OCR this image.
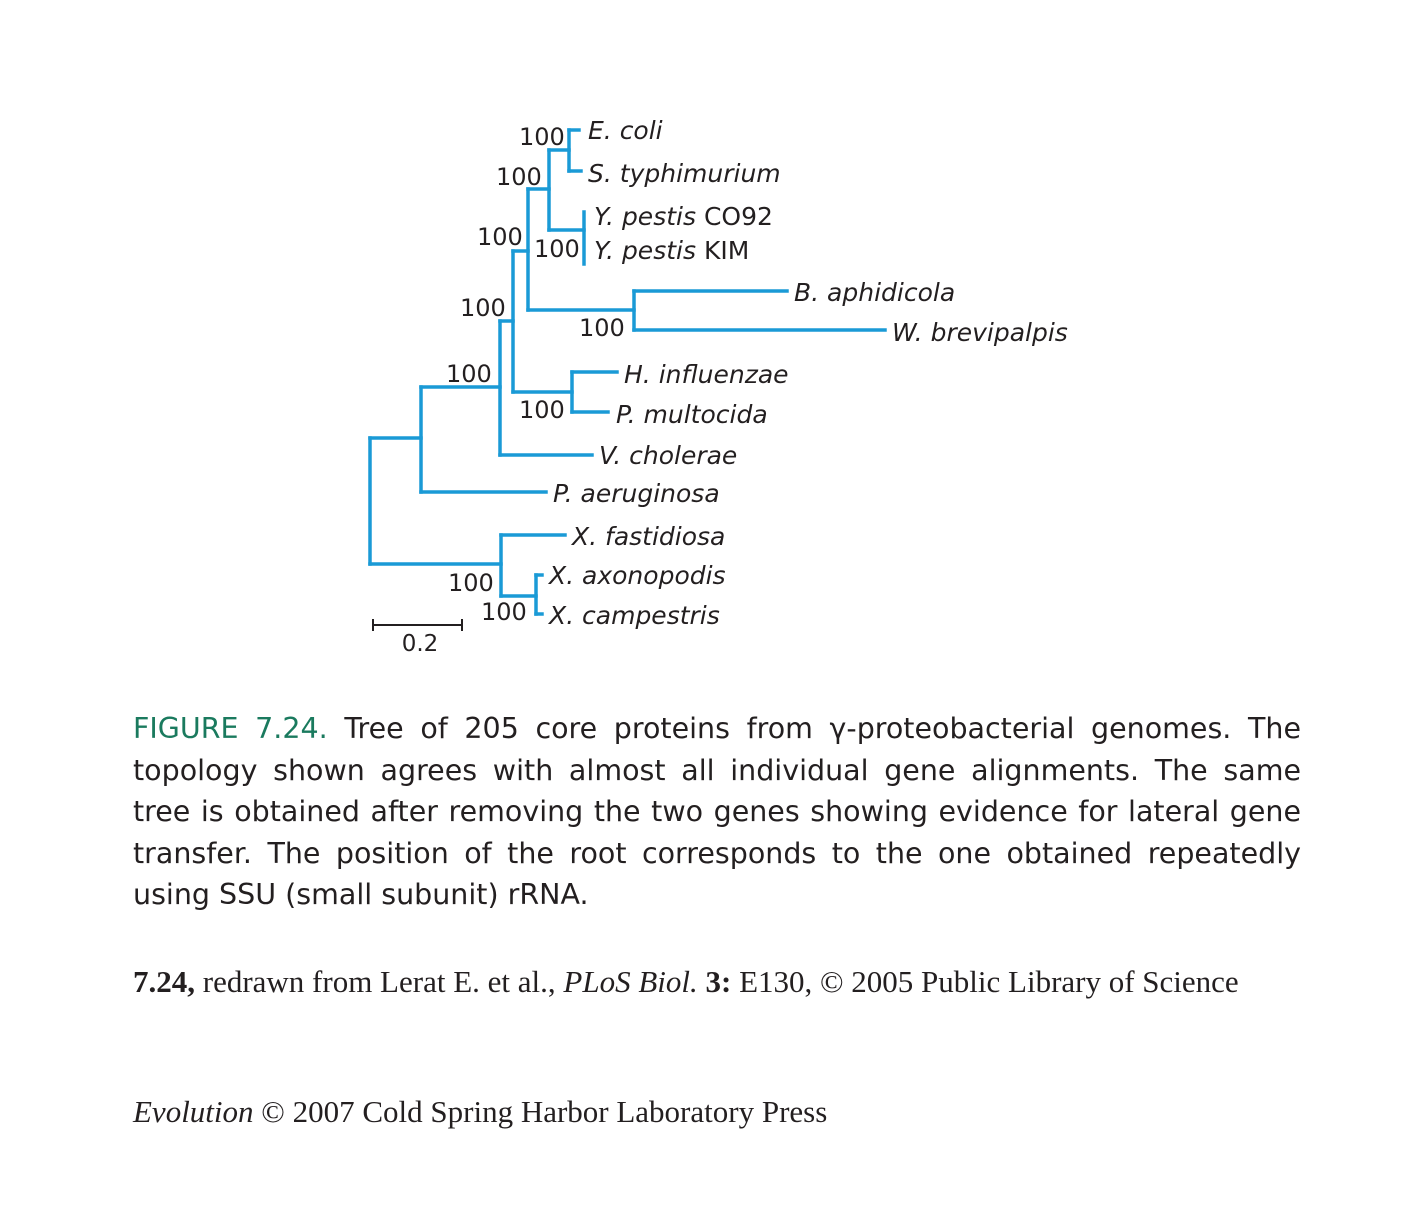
E. coli
S. typhimurium
Y. pestis CO92
Y. pestis KIM
B. aphidicola
W. brevipalpis
H. influenzae
P. multocida
V. cholerae
P. aeruginosa
X. fastidiosa
X. axonopodis
X. campestris
100
100
100 100
100
100
100
100
100
100
0.2

FIGURE 7.24. Tree of 205 core proteins from γ-proteobacterial genomes. The topology shown agrees with almost all individual gene alignments. The same tree is obtained after removing the two genes showing evidence for lateral gene transfer. The position of the root corresponds to the one obtained repeatedly using SSU (small subunit) rRNA.

7.24, redrawn from Lerat E. et al., PLoS Biol. 3: E130, © 2005 Public Library of Science

Evolution © 2007 Cold Spring Harbor Laboratory Press
